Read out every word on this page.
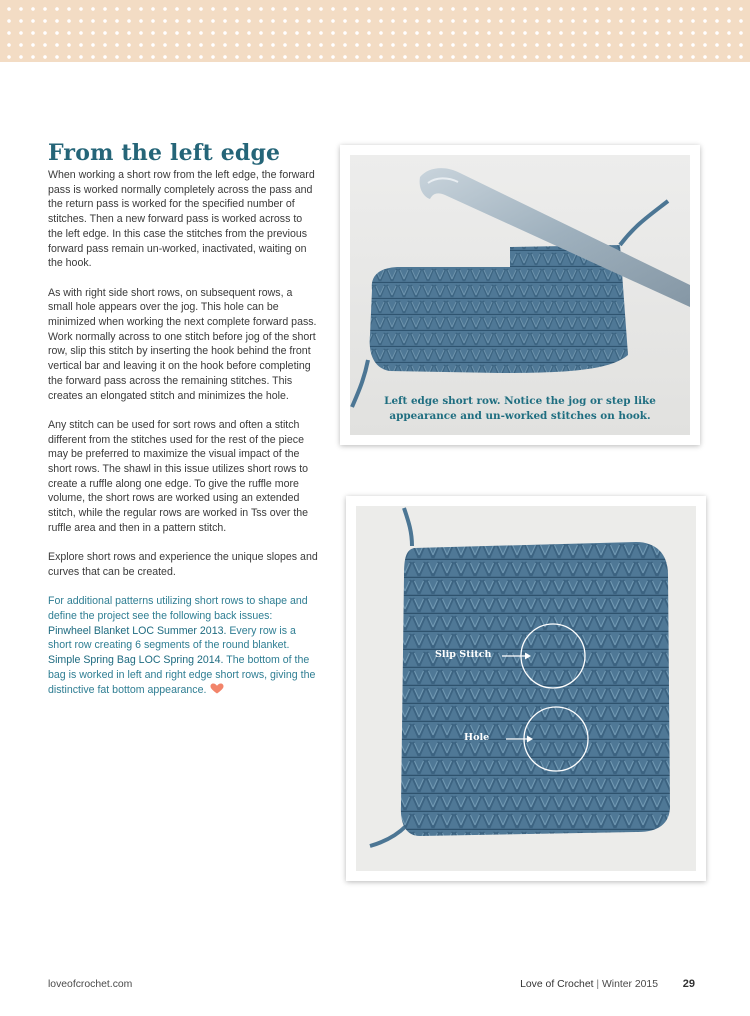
From the left edge

When working a short row from the left edge, the forward pass is worked normally completely across the pass and the return pass is worked for the specified number of stitches. Then a new forward pass is worked across to the left edge. In this case the stitches from the previous forward pass remain un-worked, inactivated, waiting on the hook.

As with right side short rows, on subsequent rows, a small hole appears over the jog. This hole can be minimized when working the next complete forward pass. Work normally across to one stitch before jog of the short row, slip this stitch by inserting the hook behind the front vertical bar and leaving it on the hook before completing the forward pass across the remaining stitches. This creates an elongated stitch and minimizes the hole.

Any stitch can be used for sort rows and often a stitch different from the stitches used for the rest of the piece may be preferred to maximize the visual impact of the short rows. The shawl in this issue utilizes short rows to create a ruffle along one edge. To give the ruffle more volume, the short rows are worked using an extended stitch, while the regular rows are worked in Tss over the ruffle area and then in a pattern stitch.

Explore short rows and experience the unique slopes and curves that can be created.

For additional patterns utilizing short rows to shape and define the project see the following back issues:
Pinwheel Blanket LOC Summer 2013. Every row is a short row creating 6 segments of the round blanket.
Simple Spring Bag LOC Spring 2014. The bottom of the bag is worked in left and right edge short rows, giving the distinctive fat bottom appearance.
Left edge short row. Notice the jog or step like
appearance and un-worked stitches on hook.
Slip Stitch
Hole
loveofcrochet.com	Love of Crochet | Winter 2015 29
